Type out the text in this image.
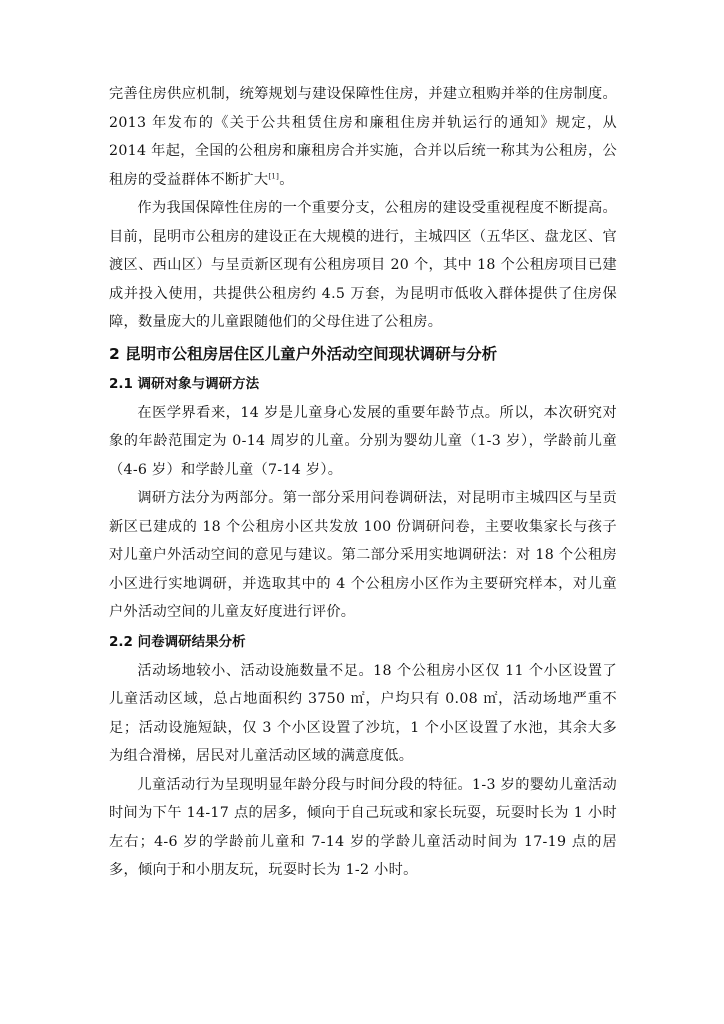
完善住房供应机制，统筹规划与建设保障性住房，并建立租购并举的住房制度。2013 年发布的《关于公共租赁住房和廉租住房并轨运行的通知》规定，从 2014 年起，全国的公租房和廉租房合并实施，合并以后统一称其为公租房，公租房的受益群体不断扩大[1]。

作为我国保障性住房的一个重要分支，公租房的建设受重视程度不断提高。目前，昆明市公租房的建设正在大规模的进行，主城四区（五华区、盘龙区、官渡区、西山区）与呈贡新区现有公租房项目 20 个，其中 18 个公租房项目已建成并投入使用，共提供公租房约 4.5 万套，为昆明市低收入群体提供了住房保障，数量庞大的儿童跟随他们的父母住进了公租房。

2 昆明市公租房居住区儿童户外活动空间现状调研与分析
2.1 调研对象与调研方法

在医学界看来，14 岁是儿童身心发展的重要年龄节点。所以，本次研究对象的年龄范围定为 0-14 周岁的儿童。分别为婴幼儿童（1-3 岁），学龄前儿童（4-6 岁）和学龄儿童（7-14 岁）。

调研方法分为两部分。第一部分采用问卷调研法，对昆明市主城四区与呈贡新区已建成的 18 个公租房小区共发放 100 份调研问卷，主要收集家长与孩子对儿童户外活动空间的意见与建议。第二部分采用实地调研法：对 18 个公租房小区进行实地调研，并选取其中的 4 个公租房小区作为主要研究样本，对儿童户外活动空间的儿童友好度进行评价。

2.2 问卷调研结果分析

活动场地较小、活动设施数量不足。18 个公租房小区仅 11 个小区设置了儿童活动区域，总占地面积约 3750 ㎡，户均只有 0.08 ㎡，活动场地严重不足；活动设施短缺，仅 3 个小区设置了沙坑，1 个小区设置了水池，其余大多为组合滑梯，居民对儿童活动区域的满意度低。

儿童活动行为呈现明显年龄分段与时间分段的特征。1-3 岁的婴幼儿童活动时间为下午 14-17 点的居多，倾向于自己玩或和家长玩耍，玩耍时长为 1 小时左右；4-6 岁的学龄前儿童和 7-14 岁的学龄儿童活动时间为 17-19 点的居多，倾向于和小朋友玩，玩耍时长为 1-2 小时。
